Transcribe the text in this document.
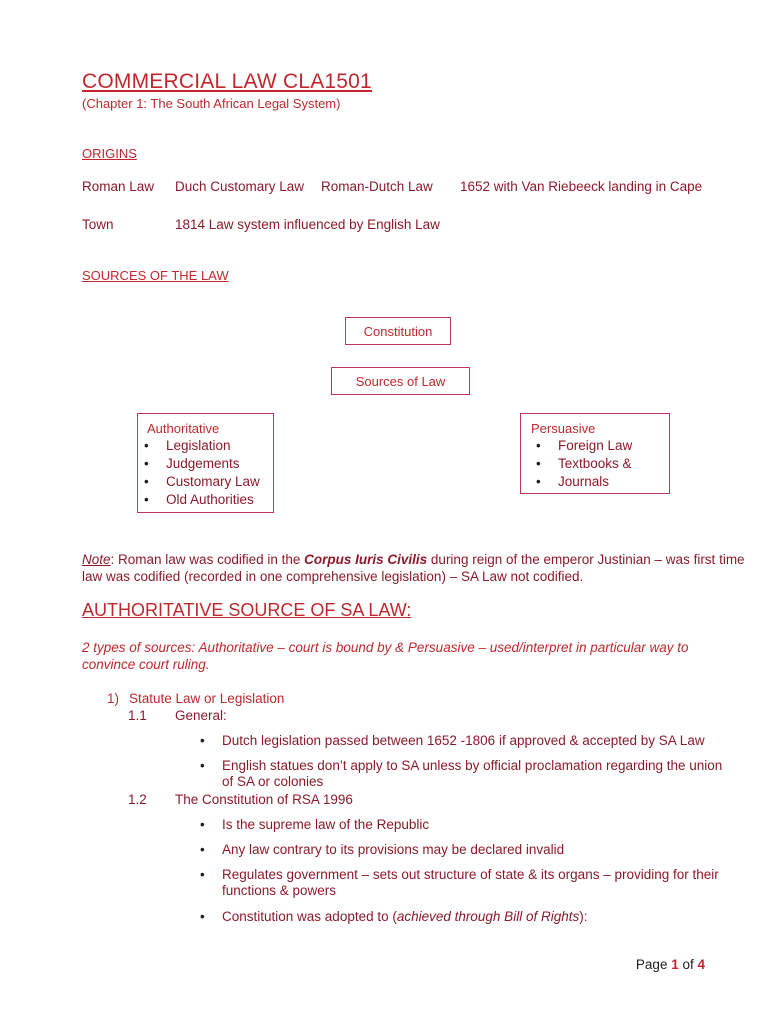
COMMERCIAL LAW CLA1501
(Chapter 1: The South African Legal System)
ORIGINS
Roman Law Duch Customary Law Roman-Dutch Law 1652 with Van Riebeeck landing in Cape
Town	1814 Law system influenced by English Law
SOURCES OF THE LAW
Constitution
Sources of Law
Authoritative
• Legislation
• Judgements
• Customary Law
• Old Authorities
Persuasive
• Foreign Law
• Textbooks &
• Journals
Note: Roman law was codified in the Corpus Iuris Civilis during reign of the emperor Justinian – was first time
law was codified (recorded in one comprehensive legislation) – SA Law not codified.
AUTHORITATIVE SOURCE OF SA LAW:
2 types of sources: Authoritative – court is bound by & Persuasive – used/interpret in particular way to
convince court ruling.
1) Statute Law or Legislation
1.1 General:
• Dutch legislation passed between 1652 -1806 if approved & accepted by SA Law
• English statues don’t apply to SA unless by official proclamation regarding the union
of SA or colonies
1.2 The Constitution of RSA 1996
• Is the supreme law of the Republic
• Any law contrary to its provisions may be declared invalid
• Regulates government – sets out structure of state & its organs – providing for their
functions & powers
• Constitution was adopted to (achieved through Bill of Rights):
Page 1 of 4
